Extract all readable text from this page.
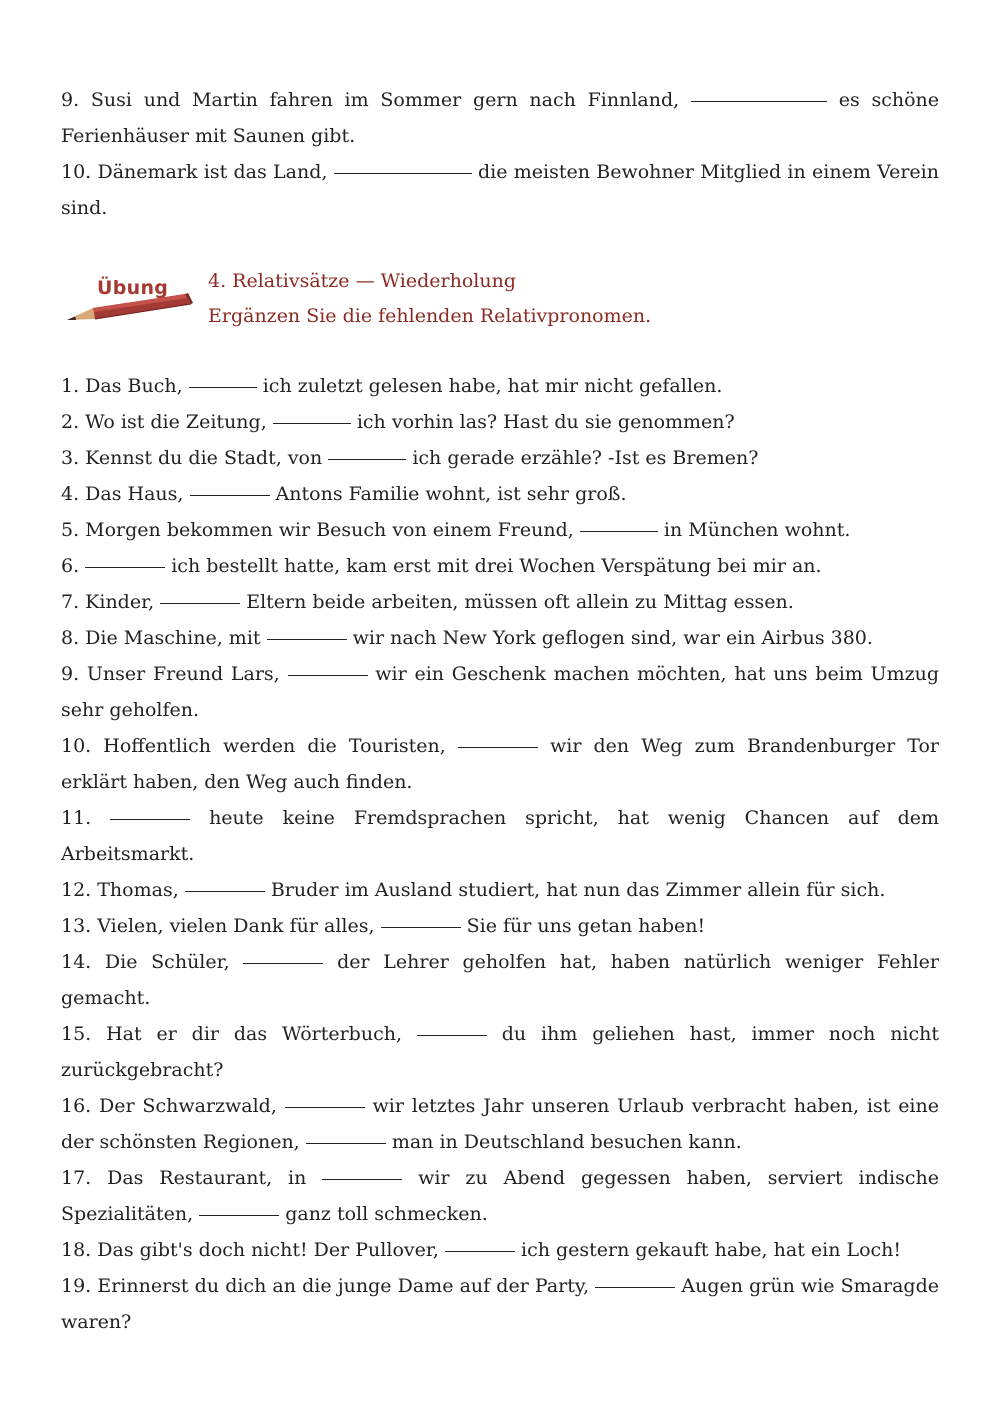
9. Susi und Martin fahren im Sommer gern nach Finnland,	es schöne Ferienhäuser mit Saunen gibt.

10. Dänemark ist das Land,	die meisten Bewohner Mitglied in einem Verein sind.

Übung 4. Relativsätze — Wiederholung
Ergänzen Sie die fehlenden Relativpronomen.

1. Das Buch,	ich zuletzt gelesen habe, hat mir nicht gefallen.

2. Wo ist die Zeitung,	ich vorhin las? Hast du sie genommen?

3. Kennst du die Stadt, von	ich gerade erzähle? -Ist es Bremen?

4. Das Haus,	Antons Familie wohnt, ist sehr groß.

5. Morgen bekommen wir Besuch von einem Freund,	in München wohnt.

6.	ich bestellt hatte, kam erst mit drei Wochen Verspätung bei mir an.

7. Kinder,	Eltern beide arbeiten, müssen oft allein zu Mittag essen.

8. Die Maschine, mit	wir nach New York geflogen sind, war ein Airbus 380.

9. Unser Freund Lars,	wir ein Geschenk machen möchten, hat uns beim Umzug sehr geholfen.

10. Hoffentlich werden die Touristen,	wir den Weg zum Brandenburger Tor erklärt haben, den Weg auch finden.

11.	heute keine Fremdsprachen spricht, hat wenig Chancen auf dem Arbeitsmarkt.

12. Thomas,	Bruder im Ausland studiert, hat nun das Zimmer allein für sich.

13. Vielen, vielen Dank für alles,	Sie für uns getan haben!

14. Die Schüler,	der Lehrer geholfen hat, haben natürlich weniger Fehler gemacht.

15. Hat er dir das Wörterbuch,	du ihm geliehen hast, immer noch nicht zurückgebracht?

16. Der Schwarzwald,	wir letztes Jahr unseren Urlaub verbracht haben, ist eine der schönsten Regionen,	man in Deutschland besuchen kann.

17. Das Restaurant, in	wir zu Abend gegessen haben, serviert indische Spezialitäten,	ganz toll schmecken.

18. Das gibt's doch nicht! Der Pullover,	ich gestern gekauft habe, hat ein Loch!

19. Erinnerst du dich an die junge Dame auf der Party,	Augen grün wie Smaragde waren?
